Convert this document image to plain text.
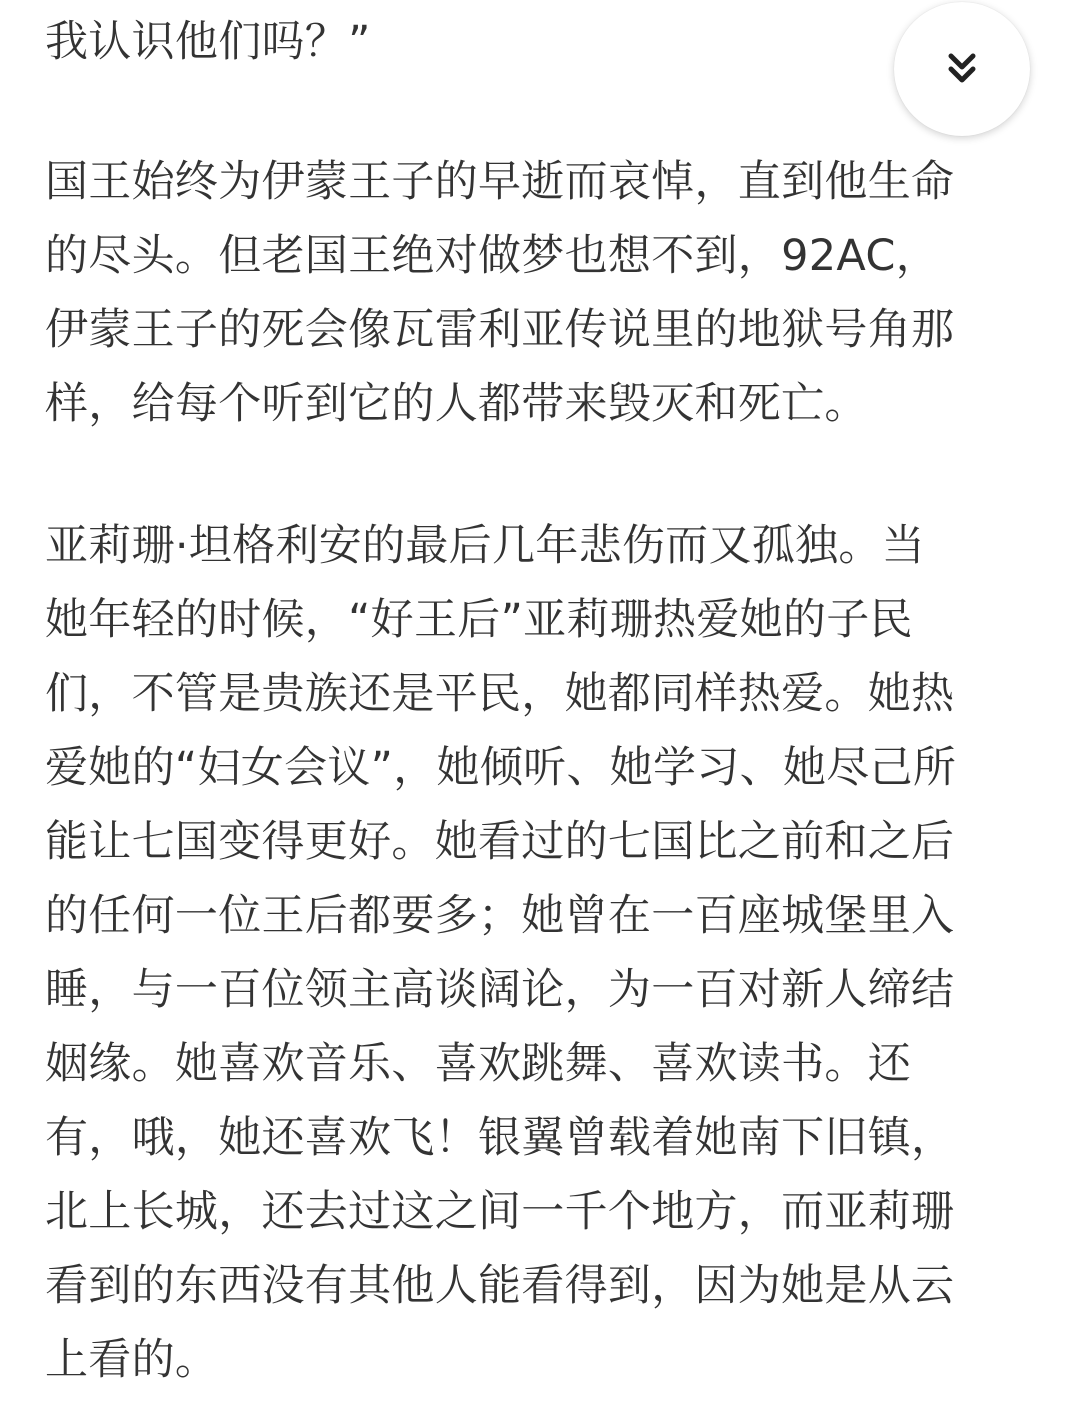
我认识他们吗？”
国王始终为伊蒙王子的早逝而哀悼，直到他生命
的尽头。但老国王绝对做梦也想不到，92AC，
伊蒙王子的死会像瓦雷利亚传说里的地狱号角那
样，给每个听到它的人都带来毁灭和死亡。
亚莉珊·坦格利安的最后几年悲伤而又孤独。当
她年轻的时候，“好王后”亚莉珊热爱她的子民
们，不管是贵族还是平民，她都同样热爱。她热
爱她的“妇女会议”，她倾听、她学习、她尽己所
能让七国变得更好。她看过的七国比之前和之后
的任何一位王后都要多；她曾在一百座城堡里入
睡，与一百位领主高谈阔论，为一百对新人缔结
姻缘。她喜欢音乐、喜欢跳舞、喜欢读书。还
有，哦，她还喜欢飞！银翼曾载着她南下旧镇，
北上长城，还去过这之间一千个地方，而亚莉珊
看到的东西没有其他人能看得到，因为她是从云
上看的。
